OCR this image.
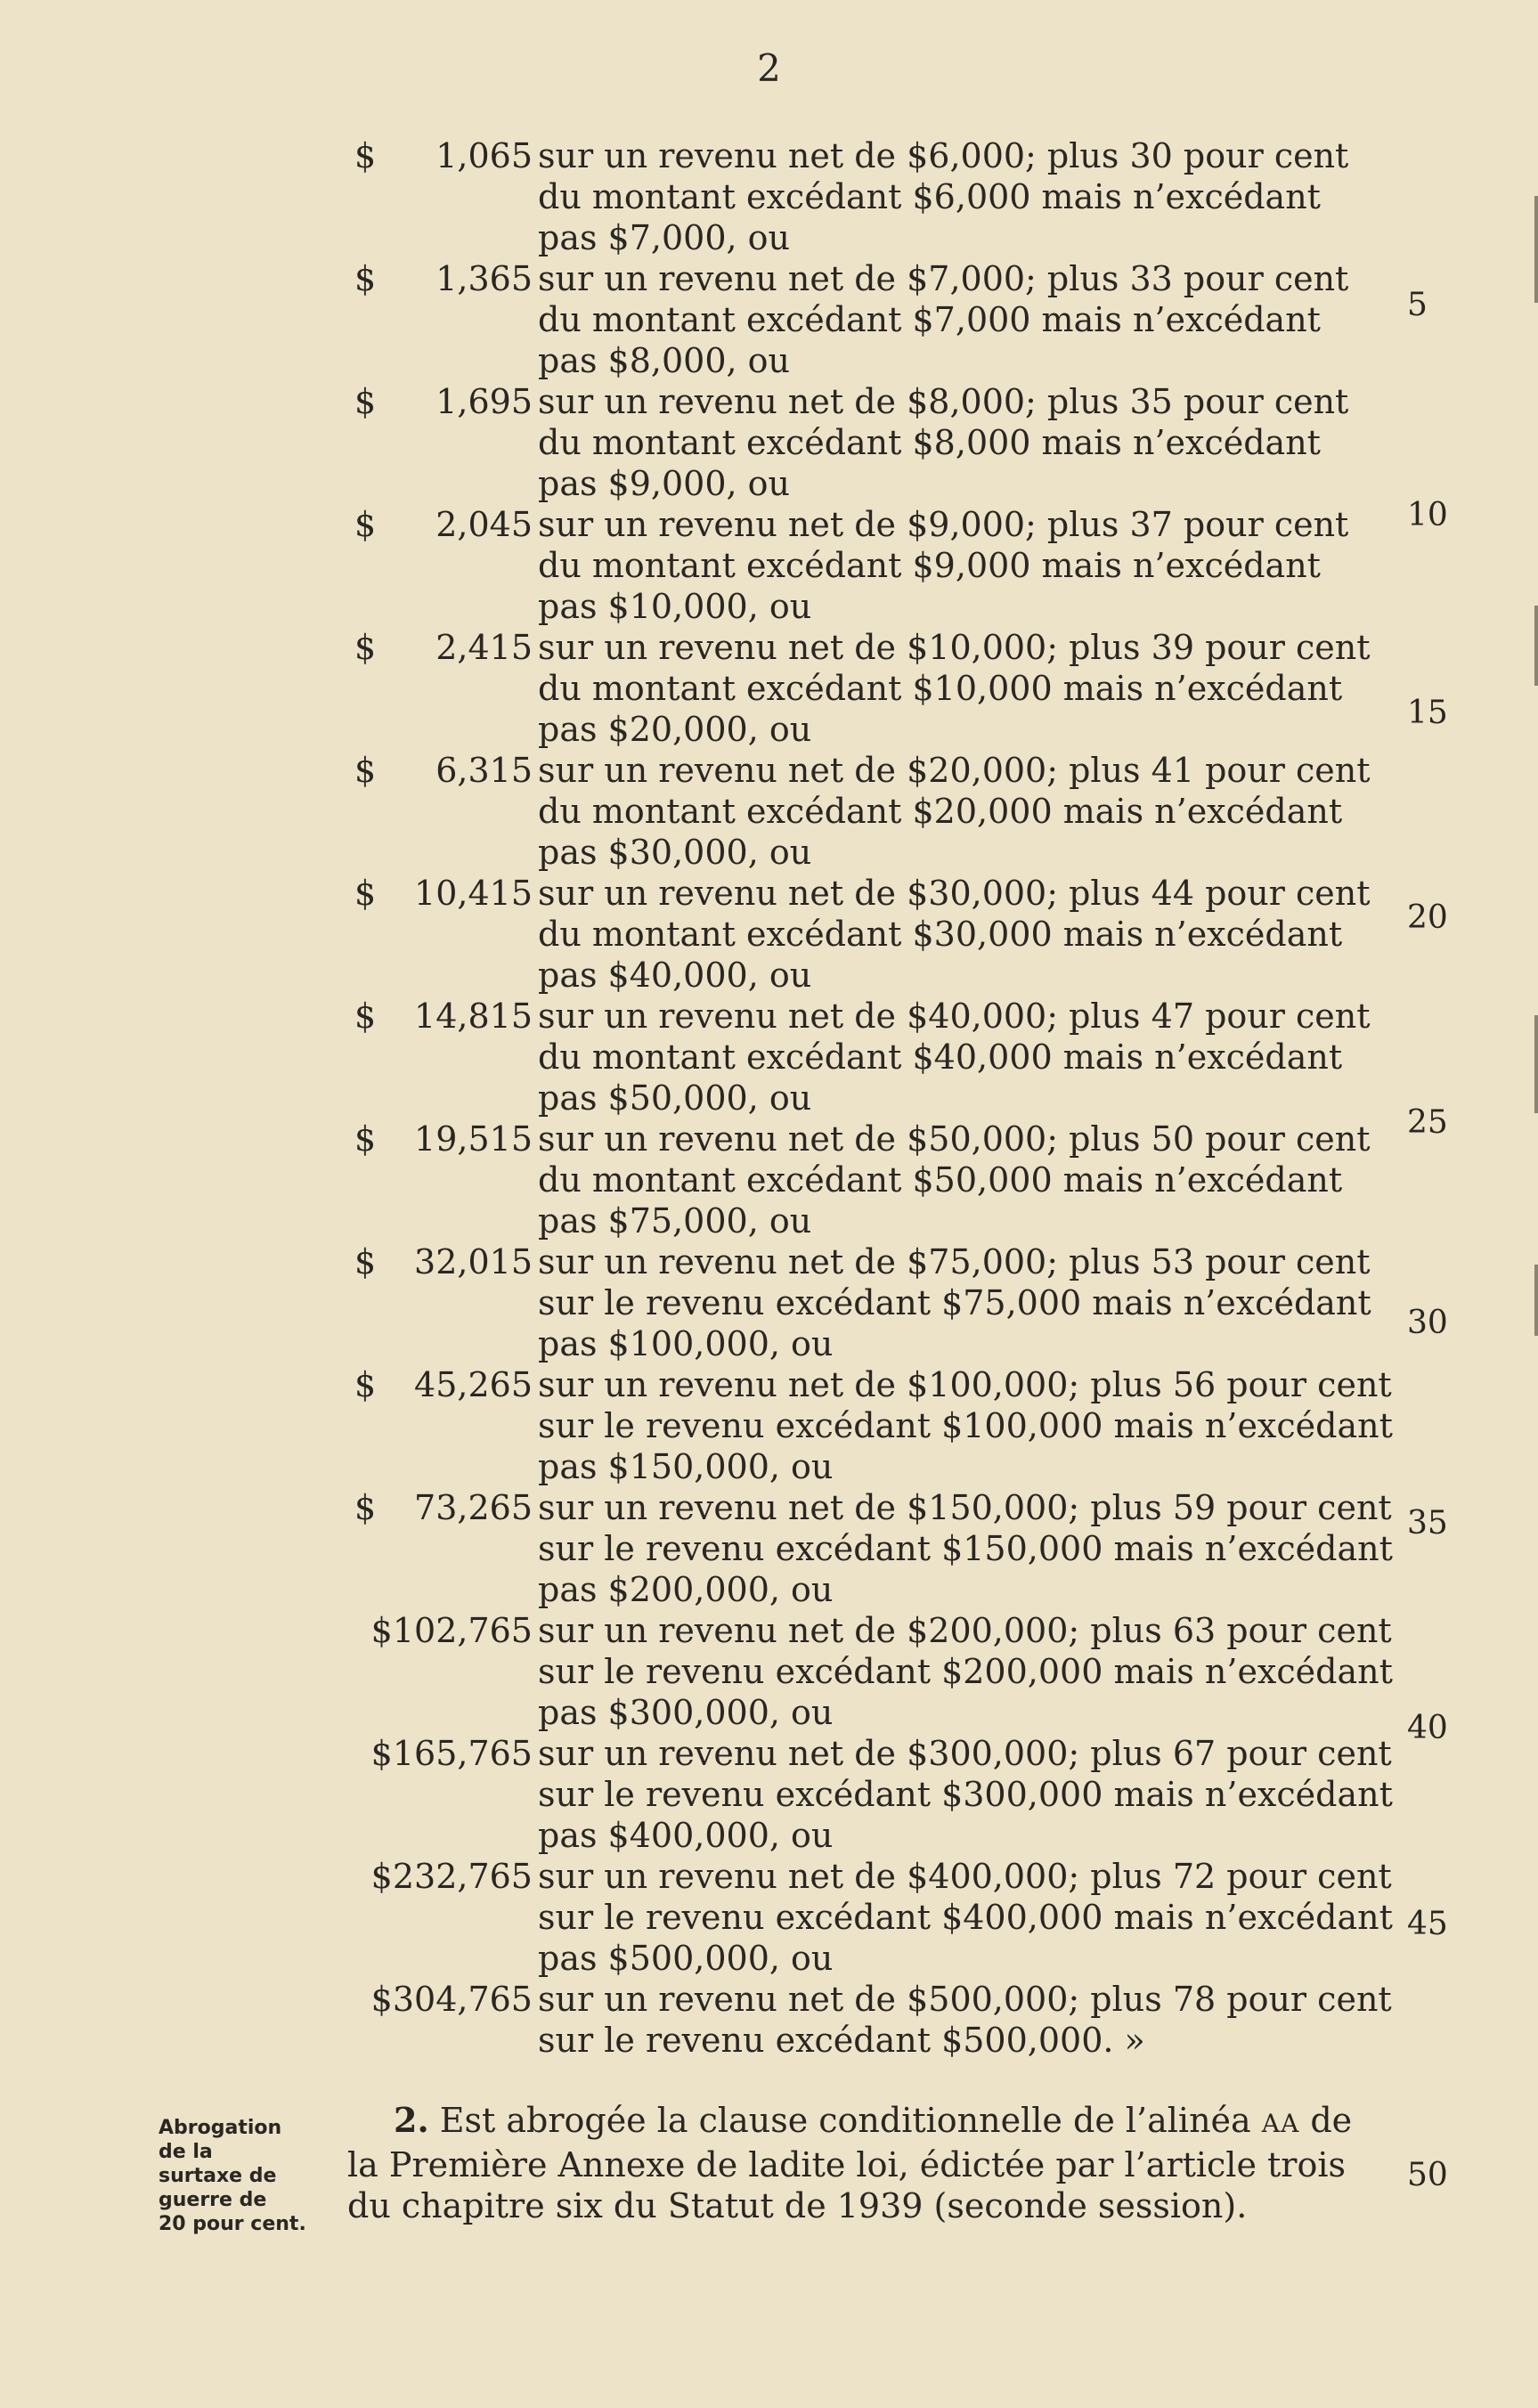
2
$ 1,065 sur un revenu net de $6,000; plus 30 pour cent
du montant excédant $6,000 mais n’excédant
pas $7,000, ou
$ 1,365 sur un revenu net de $7,000; plus 33 pour cent
du montant excédant $7,000 mais n’excédant
pas $8,000, ou
$ 1,695 sur un revenu net de $8,000; plus 35 pour cent
du montant excédant $8,000 mais n’excédant
pas $9,000, ou
$ 2,045 sur un revenu net de $9,000; plus 37 pour cent
du montant excédant $9,000 mais n’excédant
pas $10,000, ou
$ 2,415 sur un revenu net de $10,000; plus 39 pour cent
du montant excédant $10,000 mais n’excédant
pas $20,000, ou
$ 6,315 sur un revenu net de $20,000; plus 41 pour cent
du montant excédant $20,000 mais n’excédant
pas $30,000, ou
$ 10,415 sur un revenu net de $30,000; plus 44 pour cent
du montant excédant $30,000 mais n’excédant
pas $40,000, ou
$ 14,815 sur un revenu net de $40,000; plus 47 pour cent
du montant excédant $40,000 mais n’excédant
pas $50,000, ou
$ 19,515 sur un revenu net de $50,000; plus 50 pour cent
du montant excédant $50,000 mais n’excédant
pas $75,000, ou
$ 32,015 sur un revenu net de $75,000; plus 53 pour cent
sur le revenu excédant $75,000 mais n’excédant
pas $100,000, ou
$ 45,265 sur un revenu net de $100,000; plus 56 pour cent
sur le revenu excédant $100,000 mais n’excédant
pas $150,000, ou
$ 73,265 sur un revenu net de $150,000; plus 59 pour cent
sur le revenu excédant $150,000 mais n’excédant
pas $200,000, ou
$102,765 sur un revenu net de $200,000; plus 63 pour cent
sur le revenu excédant $200,000 mais n’excédant
pas $300,000, ou
$165,765 sur un revenu net de $300,000; plus 67 pour cent
sur le revenu excédant $300,000 mais n’excédant
pas $400,000, ou
$232,765 sur un revenu net de $400,000; plus 72 pour cent
sur le revenu excédant $400,000 mais n’excédant
pas $500,000, ou
$304,765 sur un revenu net de $500,000; plus 78 pour cent
sur le revenu excédant $500,000. »
Abrogation
de la
surtaxe de
guerre de
20 pour cent.
2. Est abrogée la clause conditionnelle de l’alinéa AA de
la Première Annexe de ladite loi, édictée par l’article trois
du chapitre six du Statut de 1939 (seconde session).
5
10
15
20
25
30
35
40
45
50
